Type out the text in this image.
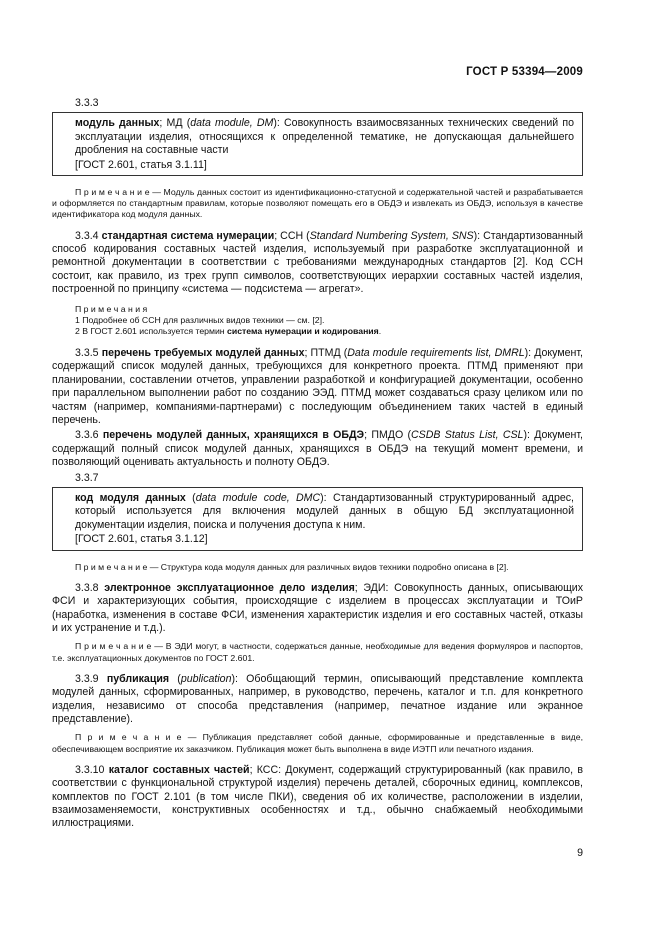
ГОСТ Р 53394—2009
3.3.3
модуль данных; МД (data module, DM): Совокупность взаимосвязанных технических сведений по эксплуатации изделия, относящихся к определенной тематике, не допускающая дальнейшего дробления на составные части
[ГОСТ 2.601, статья 3.1.11]
П р и м е ч а н и е — Модуль данных состоит из идентификационно-статусной и содержательной частей и разрабатывается и оформляется по стандартным правилам, которые позволяют помещать его в ОБДЭ и извлекать из ОБДЭ, используя в качестве идентификатора код модуля данных.
3.3.4 стандартная система нумерации; ССН (Standard Numbering System, SNS): Стандартизованный способ кодирования составных частей изделия, используемый при разработке эксплуатационной и ремонтной документации в соответствии с требованиями международных стандартов [2]. Код ССН состоит, как правило, из трех групп символов, соответствующих иерархии составных частей изделия, построенной по принципу «система — подсистема — агрегат».
П р и м е ч а н и я
1 Подробнее об ССН для различных видов техники — см. [2].
2 В ГОСТ 2.601 используется термин система нумерации и кодирования.
3.3.5 перечень требуемых модулей данных; ПТМД (Data module requirements list, DMRL): Документ, содержащий список модулей данных, требующихся для конкретного проекта. ПТМД применяют при планировании, составлении отчетов, управлении разработкой и конфигурацией документации, особенно при параллельном выполнении работ по созданию ЭЭД. ПТМД может создаваться сразу целиком или по частям (например, компаниями-партнерами) с последующим объединением таких частей в единый перечень.
3.3.6 перечень модулей данных, хранящихся в ОБДЭ; ПМДО (CSDB Status List, CSL): Документ, содержащий полный список модулей данных, хранящихся в ОБДЭ на текущий момент времени, и позволяющий оценивать актуальность и полноту ОБДЭ.
3.3.7
код модуля данных (data module code, DMC): Стандартизованный структурированный адрес, который используется для включения модулей данных в общую БД эксплуатационной документации изделия, поиска и получения доступа к ним.
[ГОСТ 2.601, статья 3.1.12]
П р и м е ч а н и е — Структура кода модуля данных для различных видов техники подробно описана в [2].
3.3.8 электронное эксплуатационное дело изделия; ЭДИ: Совокупность данных, описывающих ФСИ и характеризующих события, происходящие с изделием в процессах эксплуатации и ТОиР (наработка, изменения в составе ФСИ, изменения характеристик изделия и его составных частей, отказы и их устранение и т.д.).
П р и м е ч а н и е — В ЭДИ могут, в частности, содержаться данные, необходимые для ведения формуляров и паспортов, т.е. эксплуатационных документов по ГОСТ 2.601.
3.3.9 публикация (publication): Обобщающий термин, описывающий представление комплекта модулей данных, сформированных, например, в руководство, перечень, каталог и т.п. для конкретного изделия, независимо от способа представления (например, печатное издание или экранное представление).
П р и м е ч а н и е — Публикация представляет собой данные, сформированные и представленные в виде, обеспечивающем восприятие их заказчиком. Публикация может быть выполнена в виде ИЭТП или печатного издания.
3.3.10 каталог составных частей; КСС: Документ, содержащий структурированный (как правило, в соответствии с функциональной структурой изделия) перечень деталей, сборочных единиц, комплексов, комплектов по ГОСТ 2.101 (в том числе ПКИ), сведения об их количестве, расположении в изделии, взаимозаменяемости, конструктивных особенностях и т.д., обычно снабжаемый необходимыми иллюстрациями.
9
